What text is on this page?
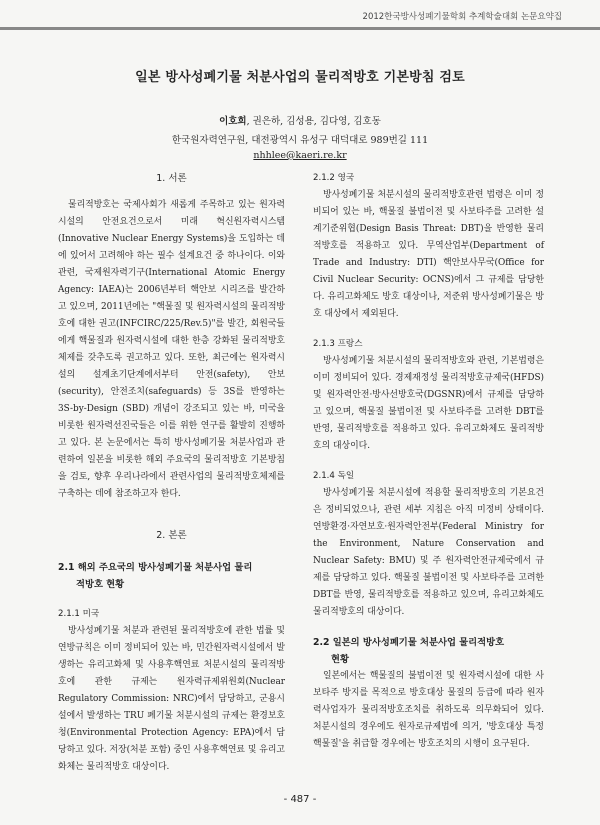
2012한국방사성폐기물학회 추계학술대회 논문요약집
일본 방사성폐기물 처분사업의 물리적방호 기본방침 검토
이호희, 권은하, 김성용, 김다영, 김호동
한국원자력연구원, 대전광역시 유성구 대덕대로 989번길 111
nhhlee@kaeri.re.kr
1. 서론

물리적방호는 국제사회가 새롭게 주목하고 있는 원자력시설의 안전요건으로서 미래 혁신원자력시스템(Innovative Nuclear Energy Systems)을 도입하는 데에 있어서 고려해야 하는 필수 설계요건 중 하나이다. 이와 관련, 국제원자력기구(International Atomic Energy Agency: IAEA)는 2006년부터 핵안보 시리즈를 발간하고 있으며, 2011년에는 "핵물질 및 원자력시설의 물리적방호에 대한 권고(INFCIRC/225/Rev.5)"를 발간, 회원국들에게 핵물질과 원자력시설에 대한 한층 강화된 물리적방호체제를 갖추도록 권고하고 있다. 또한, 최근에는 원자력시설의 설계초기단계에서부터 안전(safety), 안보(security), 안전조치(safeguards) 등 3S를 반영하는 3S-by-Design (SBD) 개념이 강조되고 있는 바, 미국을 비롯한 원자력선진국들은 이를 위한 연구를 활발히 진행하고 있다. 본 논문에서는 특히 방사성폐기물 처분사업과 관련하여 일본을 비롯한 해외 주요국의 물리적방호 기본방침을 검토, 향후 우리나라에서 관련사업의 물리적방호체제를 구축하는 데에 참조하고자 한다.

2. 본론

2.1 해외 주요국의 방사성폐기물 처분사업 물리
적방호 현황

2.1.1 미국

방사성폐기물 처분과 관련된 물리적방호에 관한 법률 및 연방규칙은 이미 정비되어 있는 바, 민간원자력시설에서 발생하는 유리고화체 및 사용후핵연료 처분시설의 물리적방호에 관한 규제는 원자력규제위원회(Nuclear Regulatory Commission: NRC)에서 담당하고, 군용시설에서 발생하는 TRU 폐기물 처분시설의 규제는 환경보호청(Environmental Protection Agency: EPA)에서 담당하고 있다. 저장(처분 포함) 중인 사용후핵연료 및 유리고화체는 물리적방호 대상이다.

2.1.2 영국

방사성폐기물 처분시설의 물리적방호관련 법령은 이미 정비되어 있는 바, 핵물질 불법이전 및 사보타주를 고려한 설계기준위협(Design Basis Threat: DBT)을 반영한 물리적방호를 적용하고 있다. 무역산업부(Department of Trade and Industry: DTI) 핵안보사무국(Office for Civil Nuclear Security: OCNS)에서 그 규제를 담당한다. 유리고화체도 방호 대상이나, 저준위 방사성폐기물은 방호 대상에서 제외된다.

2.1.3 프랑스

방사성폐기물 처분시설의 물리적방호와 관련, 기본법령은 이미 정비되어 있다. 경제재정성 물리적방호규제국(HFDS) 및 원자력안전·방사선방호국(DGSNR)에서 규제를 담당하고 있으며, 핵물질 불법이전 및 사보타주를 고려한 DBT를 반영, 물리적방호를 적용하고 있다. 유리고화체도 물리적방호의 대상이다.

2.1.4 독일

방사성폐기물 처분시설에 적용할 물리적방호의 기본요건은 정비되었으나, 관련 세부 지침은 아직 미정비 상태이다. 연방환경·자연보호·원자력안전부(Federal Ministry for the Environment, Nature Conservation and Nuclear Safety: BMU) 및 주 원자력안전규제국에서 규제를 담당하고 있다. 핵물질 불법이전 및 사보타주를 고려한 DBT를 반영, 물리적방호를 적용하고 있으며, 유리고화체도 물리적방호의 대상이다.

2.2 일본의 방사성폐기물 처분사업 물리적방호
현황

일본에서는 핵물질의 불법이전 및 원자력시설에 대한 사보타주 방지를 목적으로 방호대상 물질의 등급에 따라 원자력사업자가 물리적방호조치를 취하도록 의무화되어 있다. 처분시설의 경우에도 원자로규제법에 의거, '방호대상 특정 핵물질'을 취급할 경우에는 방호조치의 시행이 요구된다.

- 487 -
